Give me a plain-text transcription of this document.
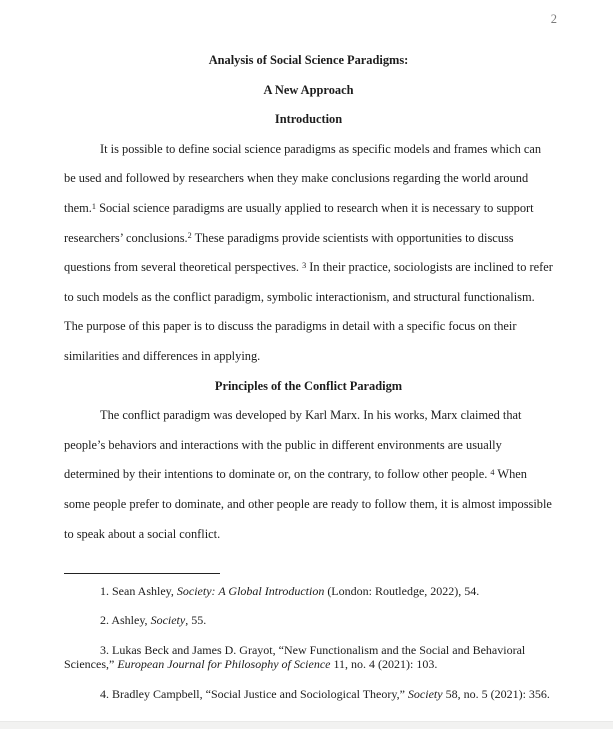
2
Analysis of Social Science Paradigms:
A New Approach
Introduction

It is possible to define social science paradigms as specific models and frames which can be used and followed by researchers when they make conclusions regarding the world around them.$^1$ Social science paradigms are usually applied to research when it is necessary to support researchers’ conclusions.$^2$ These paradigms provide scientists with opportunities to discuss questions from several theoretical perspectives. $^3$ In their practice, sociologists are inclined to refer to such models as the conflict paradigm, symbolic interactionism, and structural functionalism. The purpose of this paper is to discuss the paradigms in detail with a specific focus on their similarities and differences in applying.

Principles of the Conflict Paradigm

The conflict paradigm was developed by Karl Marx. In his works, Marx claimed that people’s behaviors and interactions with the public in different environments are usually determined by their intentions to dominate or, on the contrary, to follow other people. $^4$ When some people prefer to dominate, and other people are ready to follow them, it is almost impossible to speak about a social conflict.

1. Sean Ashley, Society: A Global Introduction (London: Routledge, 2022), 54.

2. Ashley, Society, 55.

3. Lukas Beck and James D. Grayot, “New Functionalism and the Social and Behavioral Sciences,” European Journal for Philosophy of Science 11, no. 4 (2021): 103.

4. Bradley Campbell, “Social Justice and Sociological Theory,” Society 58, no. 5 (2021): 356.
